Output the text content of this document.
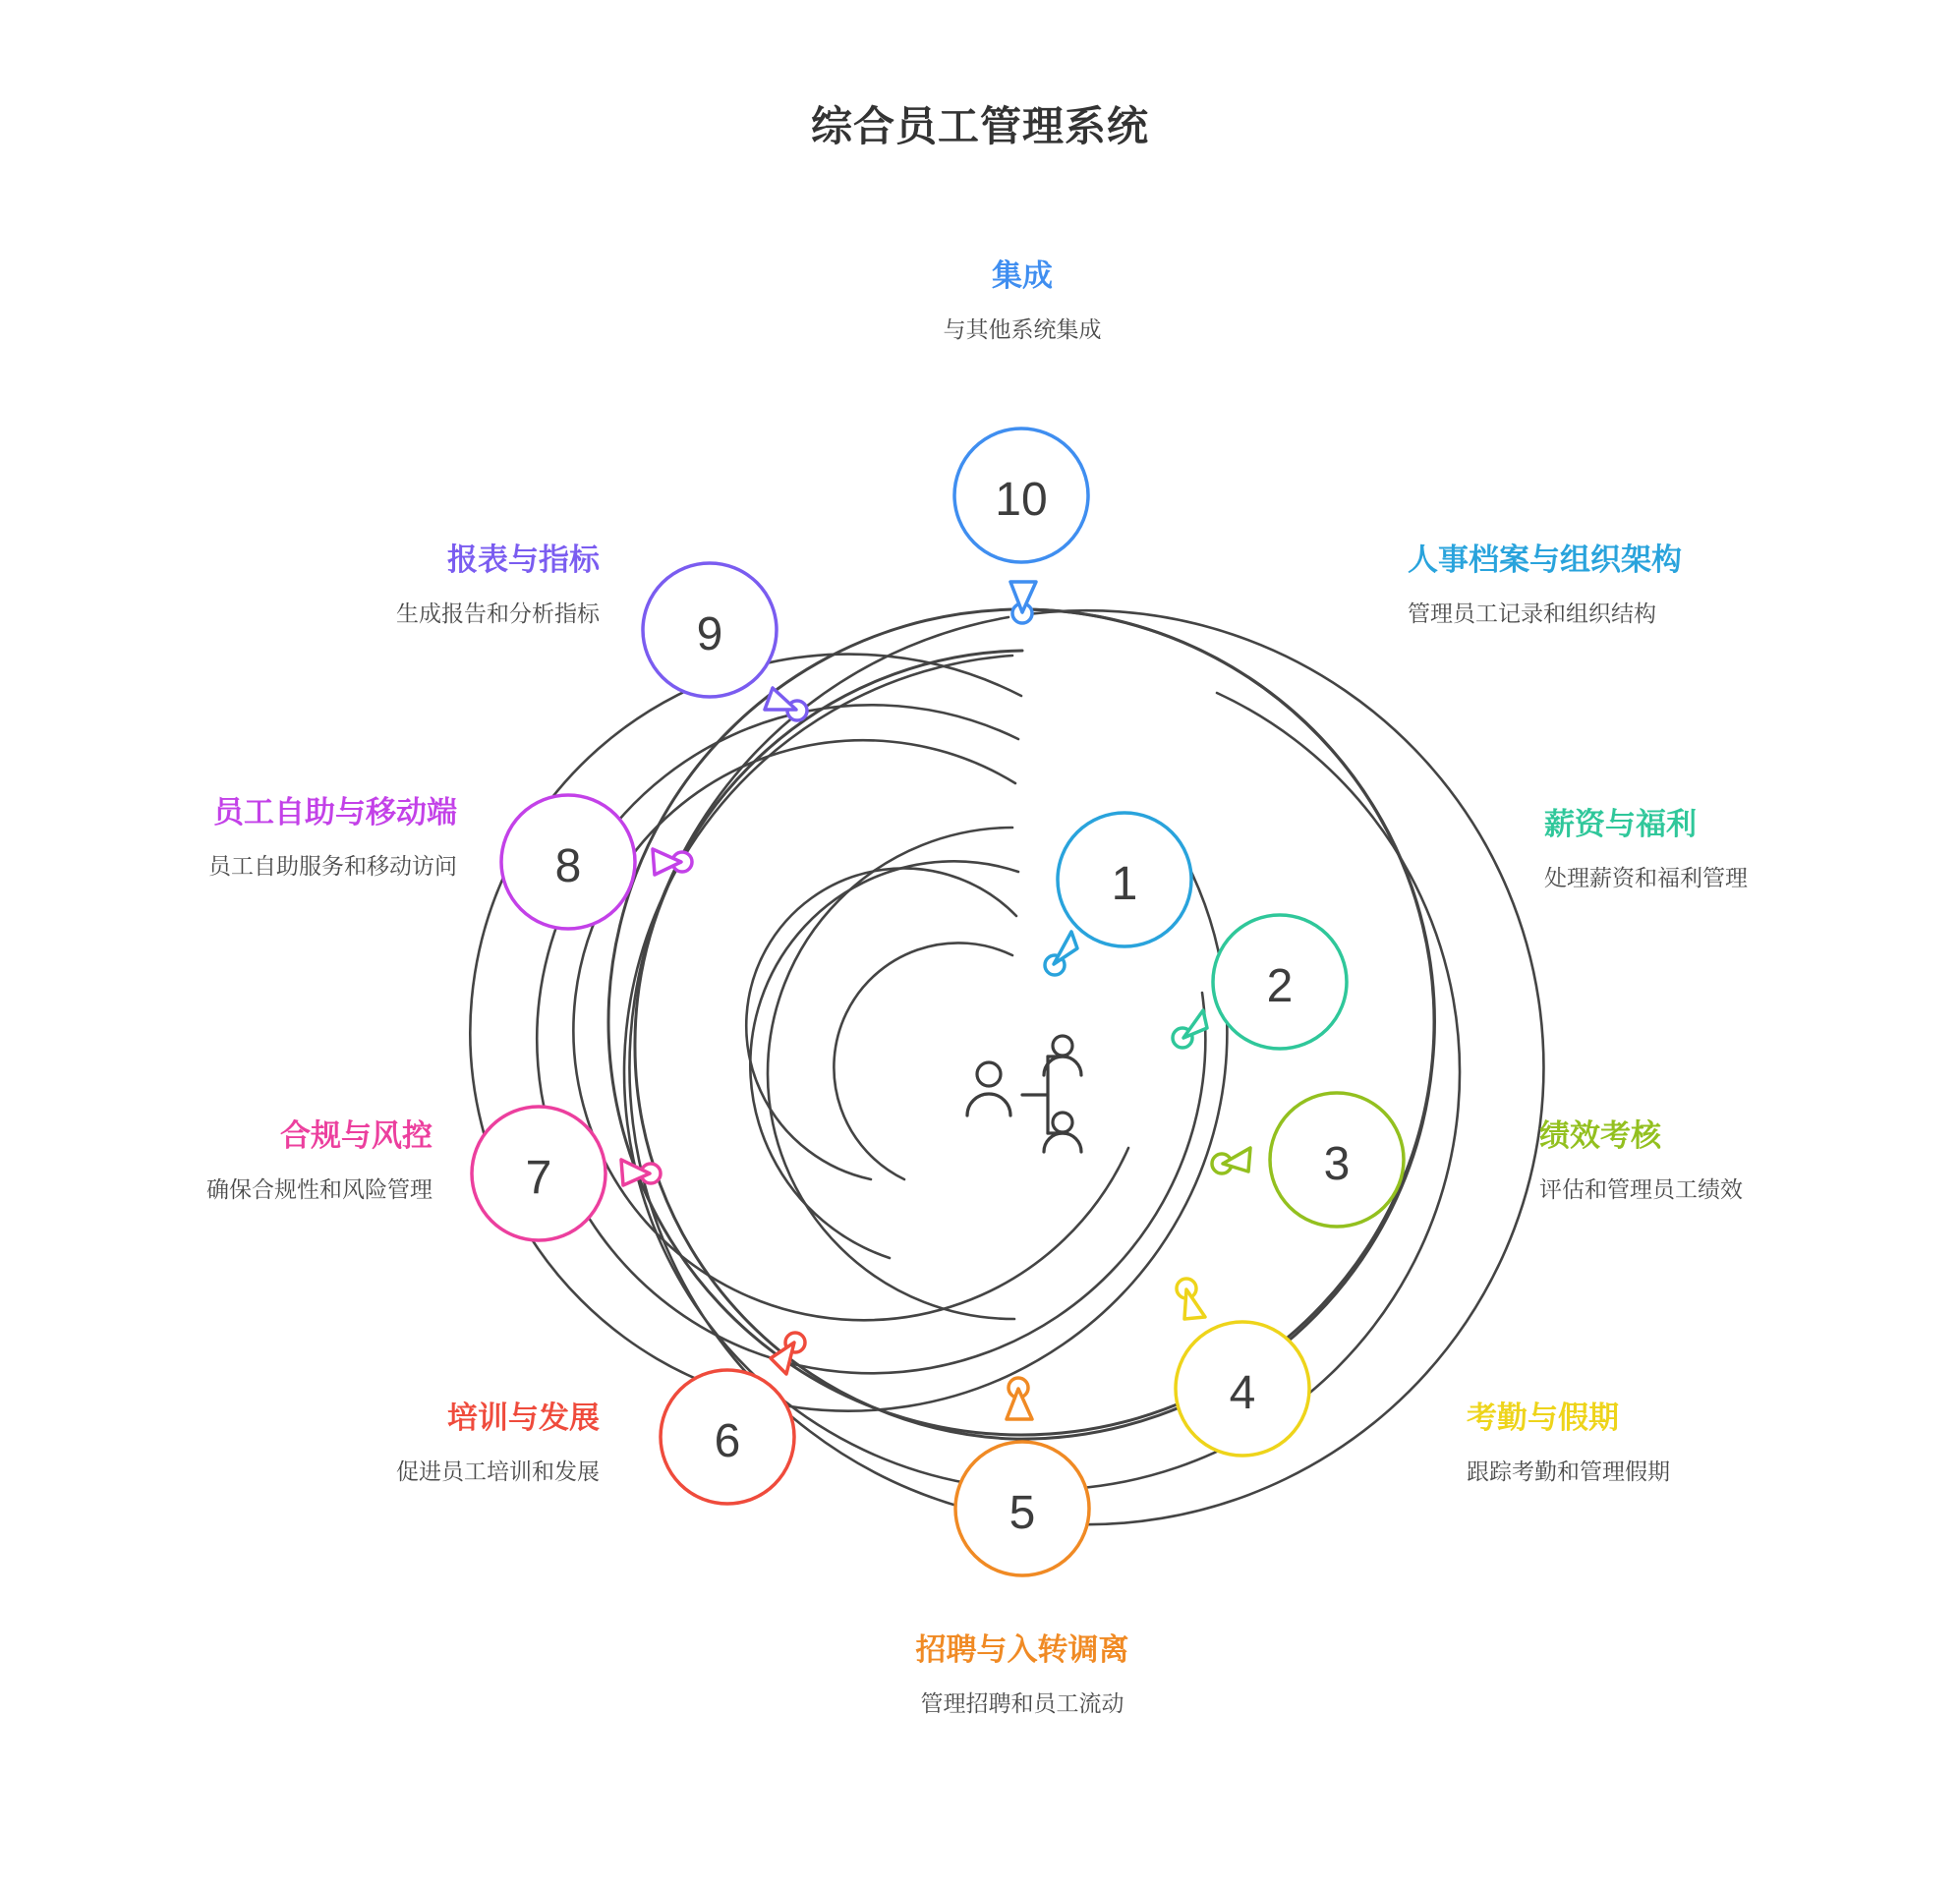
综合员工管理系统
1
2
3
4
5
6
7
8
9
10
集成
与其他系统集成
人事档案与组织架构
管理员工记录和组织结构
薪资与福利
处理薪资和福利管理
绩效考核
评估和管理员工绩效
考勤与假期
跟踪考勤和管理假期
招聘与入转调离
管理招聘和员工流动
培训与发展
促进员工培训和发展
合规与风控
确保合规性和风险管理
员工自助与移动端
员工自助服务和移动访问
报表与指标
生成报告和分析指标
